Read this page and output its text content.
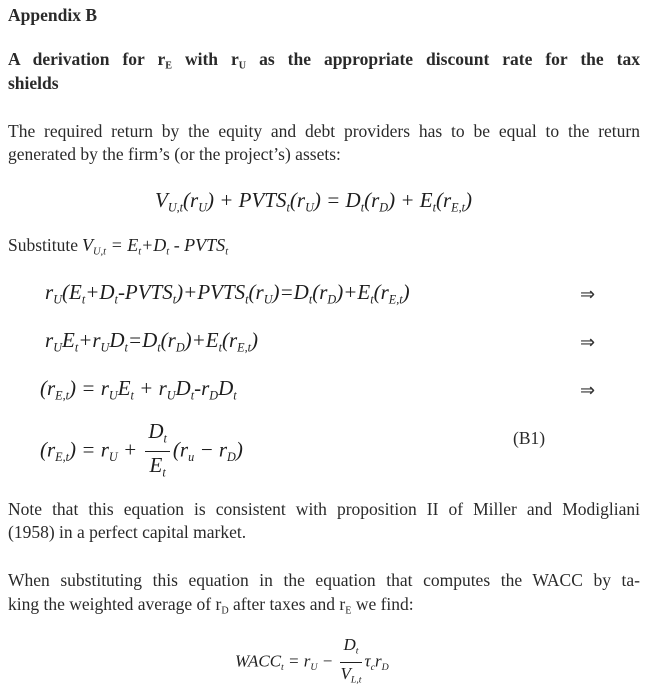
Appendix B
A derivation for $r_E$ with $r_U$ as the appropriate discount rate for the tax
shields
The required return by the equity and debt providers has to be equal to the return
generated by the firm’s (or the project’s) assets:
$V_{U,t}(r_U)$ + $PVTS_t(r_U) = D_t(r_D) + E_t(r_{E,t})$
Substitute $V_{U,t} = E_t+D_t$ - $PVTS_t$
$r_U(E_t+D_t-PVTS_t)+PVTS_t(r_U)=D_t(r_D)+E_t(r_{E,t})$	⇒
$r_UE_t+r_UD_t=D_t(r_D)+E_t(r_{E,t})$	⇒
$(r_{E,t}) = r_UE_t + r_UD_t-r_DD_t$	⇒
$(r_{E,t}) = r_U + \frac{D_t}{E_t} (r_u - r_D)$	(B1)
Note that this equation is consistent with proposition II of Miller and Modigliani
(1958) in a perfect capital market.
When substituting this equation in the equation that computes the WACC by ta-
king the weighted average of $r_D$ after taxes and $r_E$ we find:
$WACC_t = r_U - \frac{D_t}{V_{L,t}} \tau_cr_D$
